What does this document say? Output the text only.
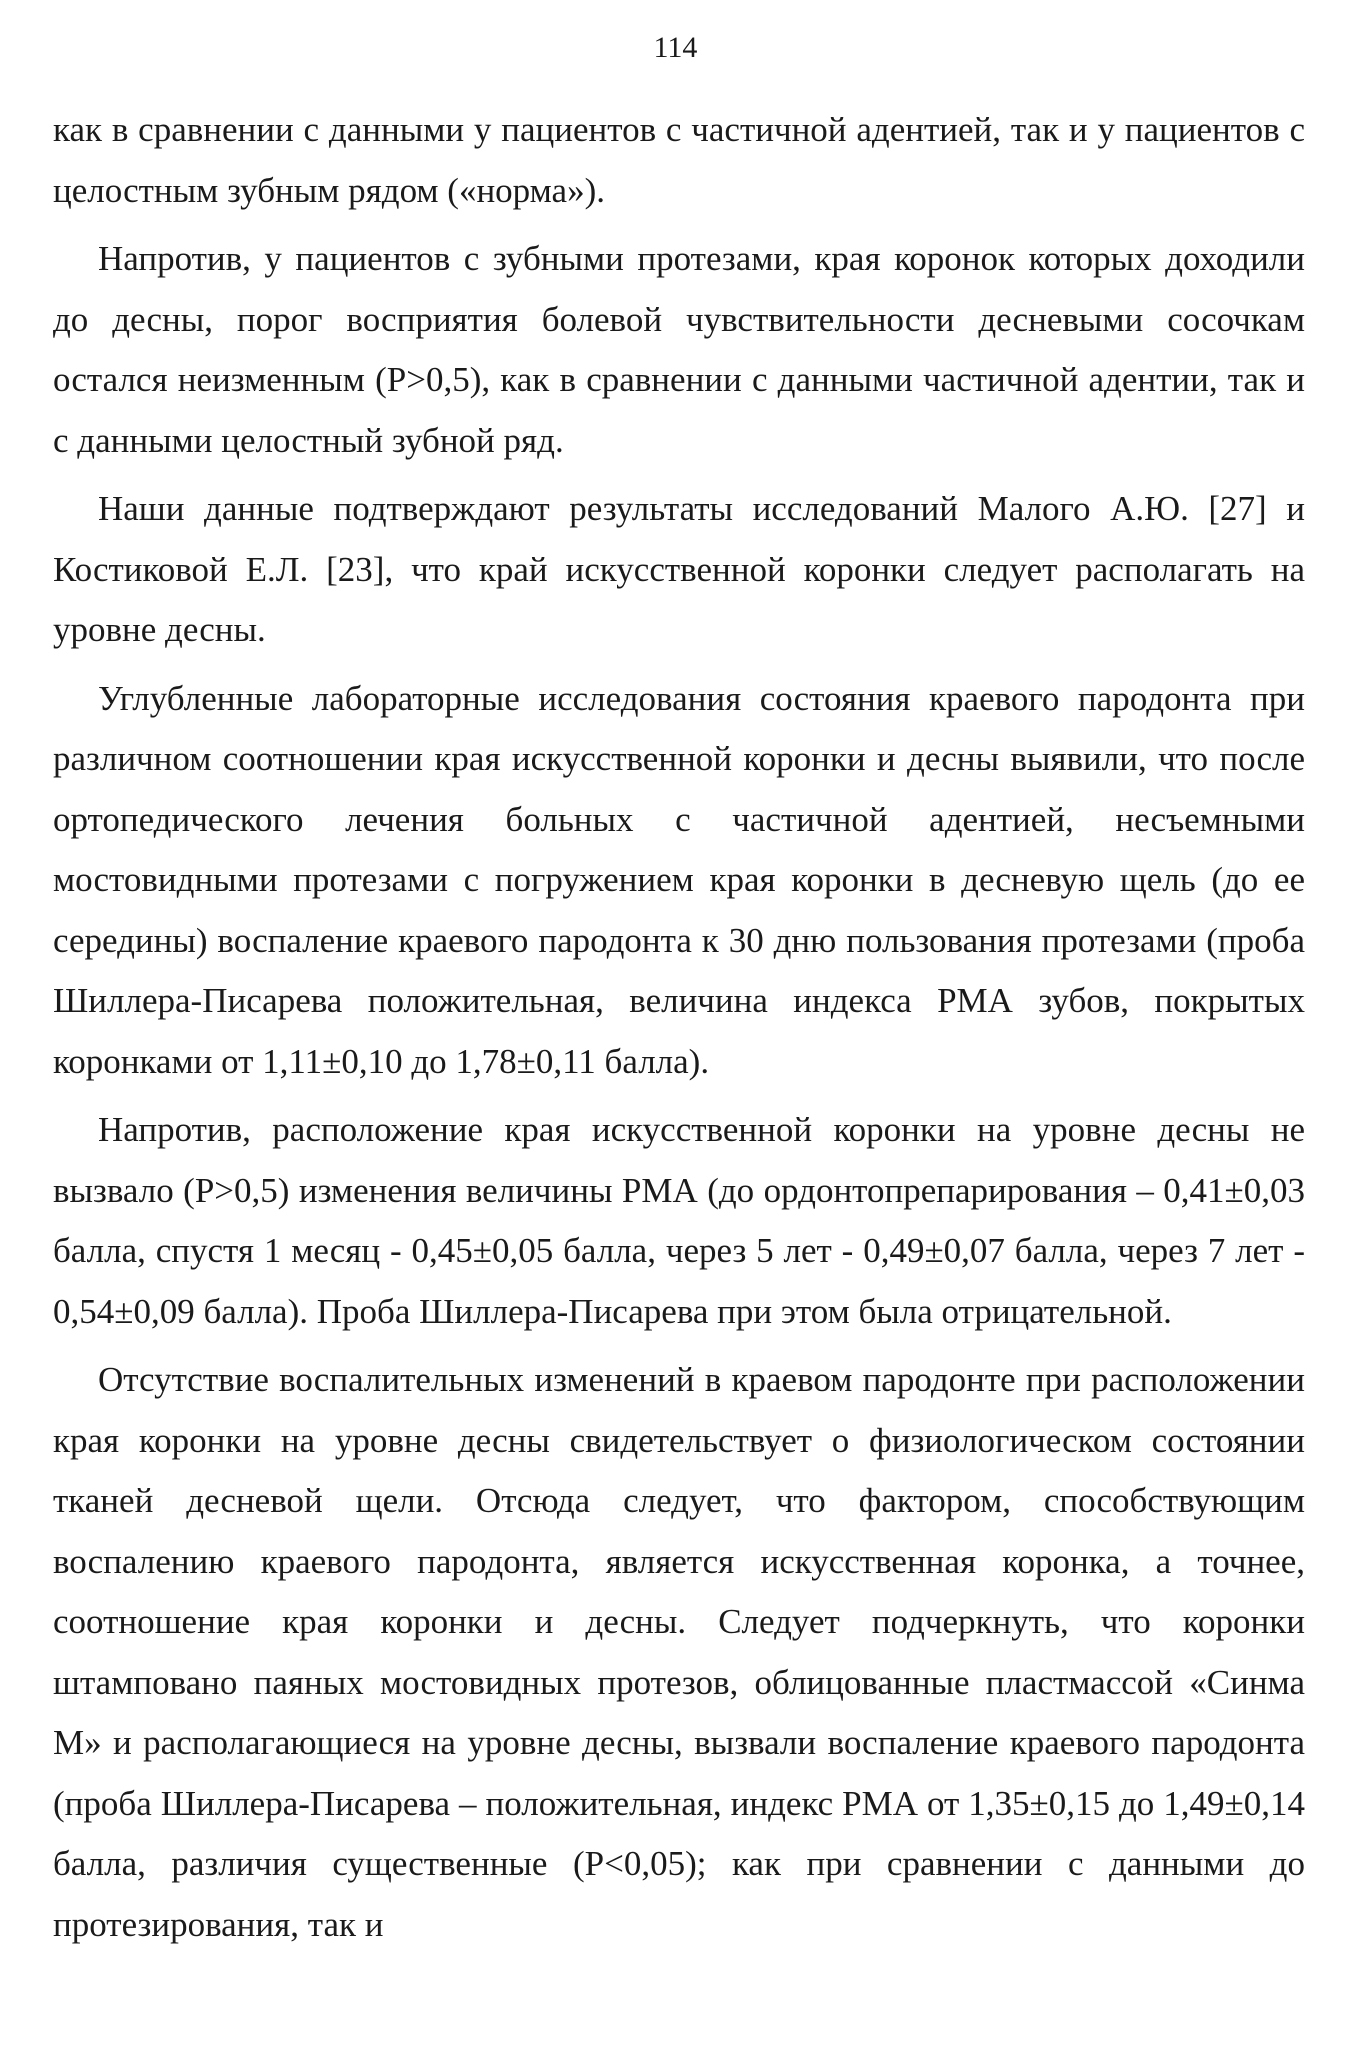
114

как в сравнении с данными у пациентов с частичной адентией, так и у пациентов с целостным зубным рядом («норма»).

Напротив, у пациентов с зубными протезами, края коронок которых доходили до десны, порог восприятия болевой чувствительности десневыми сосочкам остался неизменным (Р>0,5), как в сравнении с данными частичной адентии, так и с данными целостный зубной ряд.

Наши данные подтверждают результаты исследований Малого А.Ю. [27] и Костиковой Е.Л. [23], что край искусственной коронки следует располагать на уровне десны.

Углубленные лабораторные исследования состояния краевого пародонта при различном соотношении края искусственной коронки и десны выявили, что после ортопедического лечения больных с частичной адентией, несъемными мостовидными протезами с погружением края коронки в десневую щель (до ее середины) воспаление краевого пародонта к 30 дню пользования протезами (проба Шиллера-Писарева положительная, величина индекса РМА зубов, покрытых коронками от 1,11±0,10 до 1,78±0,11 балла).

Напротив, расположение края искусственной коронки на уровне десны не вызвало (Р>0,5) изменения величины РМА (до ордонтопрепарирования – 0,41±0,03 балла, спустя 1 месяц - 0,45±0,05 балла, через 5 лет - 0,49±0,07 балла, через 7 лет - 0,54±0,09 балла). Проба Шиллера-Писарева при этом была отрицательной.

Отсутствие воспалительных изменений в краевом пародонте при расположении края коронки на уровне десны свидетельствует о физиологическом состоянии тканей десневой щели. Отсюда следует, что фактором, способствующим воспалению краевого пародонта, является искусственная коронка, а точнее, соотношение края коронки и десны. Следует подчеркнуть, что коронки штамповано паяных мостовидных протезов, облицованные пластмассой «Синма М» и располагающиеся на уровне десны, вызвали воспаление краевого пародонта (проба Шиллера-Писарева – положительная, индекс РМА от 1,35±0,15 до 1,49±0,14 балла, различия существенные (Р<0,05); как при сравнении с данными до протезирования, так и
